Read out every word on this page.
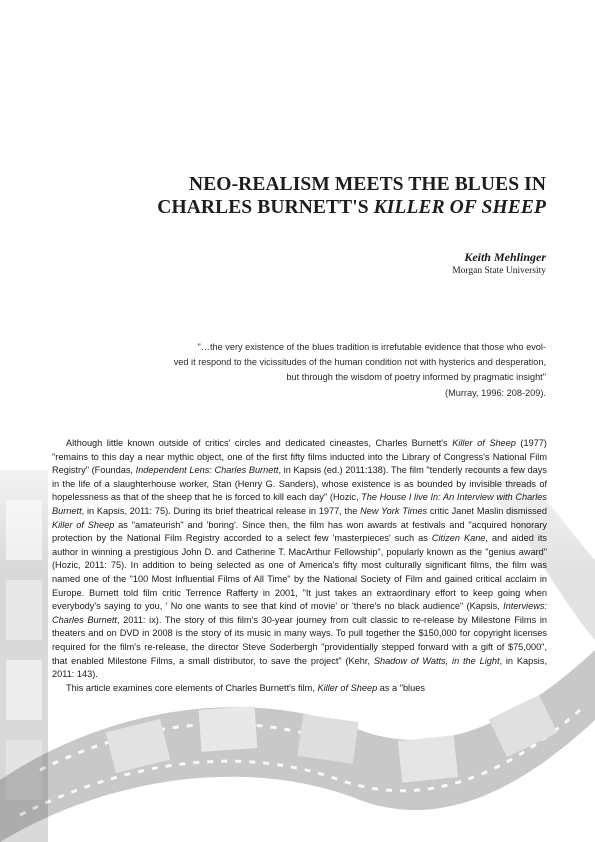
NEO-REALISM MEETS THE BLUES IN
CHARLES BURNETT'S KILLER OF SHEEP
Keith Mehlinger
Morgan State University

"…the very existence of the blues tradition is irrefutable evidence that those who evol-

ved it respond to the vicissitudes of the human condition not with hysterics and desperation,

but through the wisdom of poetry informed by pragmatic insight"

(Murray, 1996: 208-209).

Although little known outside of critics' circles and dedicated cineastes, Charles Burnett's Killer of Sheep (1977) "remains to this day a near mythic object, one of the first fifty films inducted into the Library of Congress's National Film Registry" (Foundas, Independent Lens: Charles Burnett, in Kapsis (ed.) 2011:138). The film "tenderly recounts a few days in the life of a slaughterhouse worker, Stan (Henry G. Sanders), whose existence is as bounded by invisible threads of hopelessness as that of the sheep that he is forced to kill each day" (Hozic, The House I live In: An Interview with Charles Burnett, in Kapsis, 2011: 75). During its brief theatrical release in 1977, the New York Times critic Janet Maslin dismissed Killer of Sheep as "amateurish" and 'boring'. Since then, the film has won awards at festivals and "acquired honorary protection by the National Film Registry accorded to a select few 'masterpieces' such as Citizen Kane, and aided its author in winning a prestigious John D. and Catherine T. MacArthur Fellowship", popularly known as the "genius award" (Hozic, 2011: 75). In addition to being selected as one of America's fifty most culturally significant films, the film was named one of the "100 Most Influential Films of All Time" by the National Society of Film and gained critical acclaim in Europe. Burnett told film critic Terrence Rafferty in 2001, "It just takes an extraordinary effort to keep going when everybody's saying to you, ' No one wants to see that kind of movie' or 'there's no black audience" (Kapsis, Interviews: Charles Burnett, 2011: ix). The story of this film's 30-year journey from cult classic to re-release by Milestone Films in theaters and on DVD in 2008 is the story of its music in many ways. To pull together the $150,000 for copyright licenses required for the film's re-release, the director Steve Soderbergh "providentially stepped forward with a gift of $75,000", that enabled Milestone Films, a small distributor, to save the project" (Kehr, Shadow of Watts, in the Light, in Kapsis, 2011: 143).

This article examines core elements of Charles Burnett's film, Killer of Sheep as a "blues
